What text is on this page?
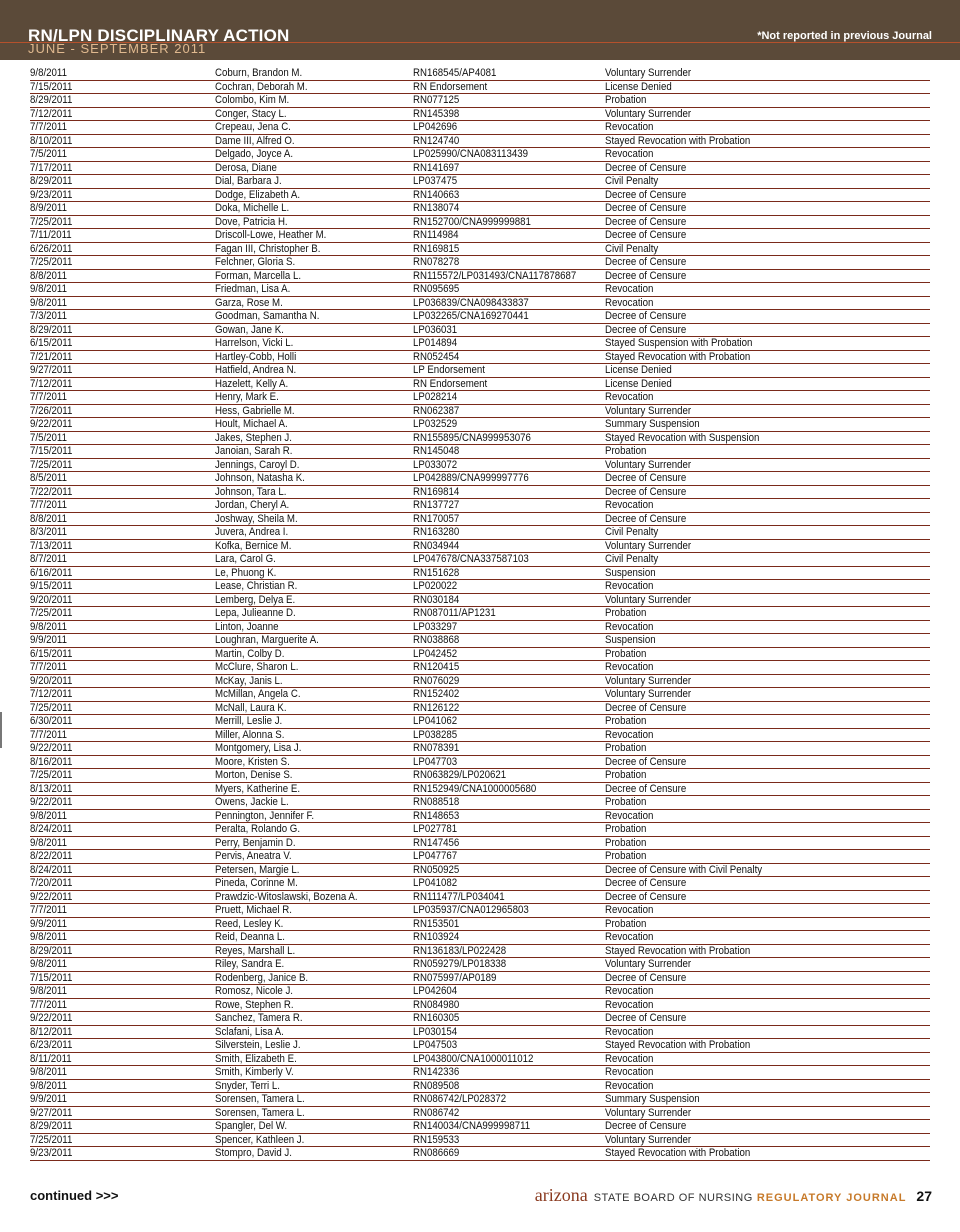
RN/LPN DISCIPLINARY ACTION
JUNE - SEPTEMBER 2011
*Not reported in previous Journal
9/8/2011	Coburn, Brandon M.	RN168545/AP4081	Voluntary Surrender
7/15/2011	Cochran, Deborah M.	RN Endorsement	License Denied
8/29/2011	Colombo, Kim M.	RN077125	Probation
7/12/2011	Conger, Stacy L.	RN145398	Voluntary Surrender
7/7/2011	Crepeau, Jena C.	LP042696	Revocation
8/10/2011	Dame III, Alfred O.	RN124740	Stayed Revocation with Probation
7/5/2011	Delgado, Joyce A.	LP025990/CNA083113439	Revocation
7/17/2011	Derosa, Diane	RN141697	Decree of Censure
8/29/2011	Dial, Barbara J.	LP037475	Civil Penalty
9/23/2011	Dodge, Elizabeth A.	RN140663	Decree of Censure
8/9/2011	Doka, Michelle L.	RN138074	Decree of Censure
7/25/2011	Dove, Patricia H.	RN152700/CNA999999881	Decree of Censure
7/11/2011	Driscoll-Lowe, Heather M.	RN114984	Decree of Censure
6/26/2011	Fagan III, Christopher B.	RN169815	Civil Penalty
7/25/2011	Felchner, Gloria S.	RN078278	Decree of Censure
8/8/2011	Forman, Marcella L.	RN115572/LP031493/CNA117878687	Decree of Censure
9/8/2011	Friedman, Lisa A.	RN095695	Revocation
9/8/2011	Garza, Rose M.	LP036839/CNA098433837	Revocation
7/3/2011	Goodman, Samantha N.	LP032265/CNA169270441	Decree of Censure
8/29/2011	Gowan, Jane K.	LP036031	Decree of Censure
6/15/2011	Harrelson, Vicki L.	LP014894	Stayed Suspension with Probation
7/21/2011	Hartley-Cobb, Holli	RN052454	Stayed Revocation with Probation
9/27/2011	Hatfield, Andrea N.	LP Endorsement	License Denied
7/12/2011	Hazelett, Kelly A.	RN Endorsement	License Denied
7/7/2011	Henry, Mark E.	LP028214	Revocation
7/26/2011	Hess, Gabrielle M.	RN062387	Voluntary Surrender
9/22/2011	Hoult, Michael A.	LP032529	Summary Suspension
7/5/2011	Jakes, Stephen J.	RN155895/CNA999953076	Stayed Revocation with Suspension
7/15/2011	Janoian, Sarah R.	RN145048	Probation
7/25/2011	Jennings, Caroyl D.	LP033072	Voluntary Surrender
8/5/2011	Johnson, Natasha K.	LP042889/CNA999997776	Decree of Censure
7/22/2011	Johnson, Tara L.	RN169814	Decree of Censure
7/7/2011	Jordan, Cheryl A.	RN137727	Revocation
8/8/2011	Joshway, Sheila M.	RN170057	Decree of Censure
8/3/2011	Juvera, Andrea I.	RN163280	Civil Penalty
7/13/2011	Kofka, Bernice M.	RN034944	Voluntary Surrender
8/7/2011	Lara, Carol G.	LP047678/CNA337587103	Civil Penalty
6/16/2011	Le, Phuong K.	RN151628	Suspension
9/15/2011	Lease, Christian R.	LP020022	Revocation
9/20/2011	Lemberg, Delya E.	RN030184	Voluntary Surrender
7/25/2011	Lepa, Julieanne D.	RN087011/AP1231	Probation
9/8/2011	Linton, Joanne	LP033297	Revocation
9/9/2011	Loughran, Marguerite A.	RN038868	Suspension
6/15/2011	Martin, Colby D.	LP042452	Probation
7/7/2011	McClure, Sharon L.	RN120415	Revocation
9/20/2011	McKay, Janis L.	RN076029	Voluntary Surrender
7/12/2011	McMillan, Angela C.	RN152402	Voluntary Surrender
7/25/2011	McNall, Laura K.	RN126122	Decree of Censure
6/30/2011	Merrill, Leslie J.	LP041062	Probation
7/7/2011	Miller, Alonna S.	LP038285	Revocation
9/22/2011	Montgomery, Lisa J.	RN078391	Probation
8/16/2011	Moore, Kristen S.	LP047703	Decree of Censure
7/25/2011	Morton, Denise S.	RN063829/LP020621	Probation
8/13/2011	Myers, Katherine E.	RN152949/CNA1000005680	Decree of Censure
9/22/2011	Owens, Jackie L.	RN088518	Probation
9/8/2011	Pennington, Jennifer F.	RN148653	Revocation
8/24/2011	Peralta, Rolando G.	LP027781	Probation
9/8/2011	Perry, Benjamin D.	RN147456	Probation
8/22/2011	Pervis, Aneatra V.	LP047767	Probation
8/24/2011	Petersen, Margie L.	RN050925	Decree of Censure with Civil Penalty
7/20/2011	Pineda, Corinne M.	LP041082	Decree of Censure
9/22/2011	Prawdzic-Witoslawski, Bozena A.	RN111477/LP034041	Decree of Censure
7/7/2011	Pruett, Michael R.	LP035937/CNA012965803	Revocation
9/9/2011	Reed, Lesley K.	RN153501	Probation
9/8/2011	Reid, Deanna L.	RN103924	Revocation
8/29/2011	Reyes, Marshall L.	RN136183/LP022428	Stayed Revocation with Probation
9/8/2011	Riley, Sandra E.	RN059279/LP018338	Voluntary Surrender
7/15/2011	Rodenberg, Janice B.	RN075997/AP0189	Decree of Censure
9/8/2011	Romosz, Nicole J.	LP042604	Revocation
7/7/2011	Rowe, Stephen R.	RN084980	Revocation
9/22/2011	Sanchez, Tamera R.	RN160305	Decree of Censure
8/12/2011	Sclafani, Lisa A.	LP030154	Revocation
6/23/2011	Silverstein, Leslie J.	LP047503	Stayed Revocation with Probation
8/11/2011	Smith, Elizabeth E.	LP043800/CNA1000011012	Revocation
9/8/2011	Smith, Kimberly V.	RN142336	Revocation
9/8/2011	Snyder, Terri L.	RN089508	Revocation
9/9/2011	Sorensen, Tamera L.	RN086742/LP028372	Summary Suspension
9/27/2011	Sorensen, Tamera L.	RN086742	Voluntary Surrender
8/29/2011	Spangler, Del W.	RN140034/CNA999998711	Decree of Censure
7/25/2011	Spencer, Kathleen J.	RN159533	Voluntary Surrender
9/23/2011	Stompro, David J.	RN086669	Stayed Revocation with Probation
continued >>>	arizona STATE BOARD OF NURSING REGULATORY JOURNAL 27
